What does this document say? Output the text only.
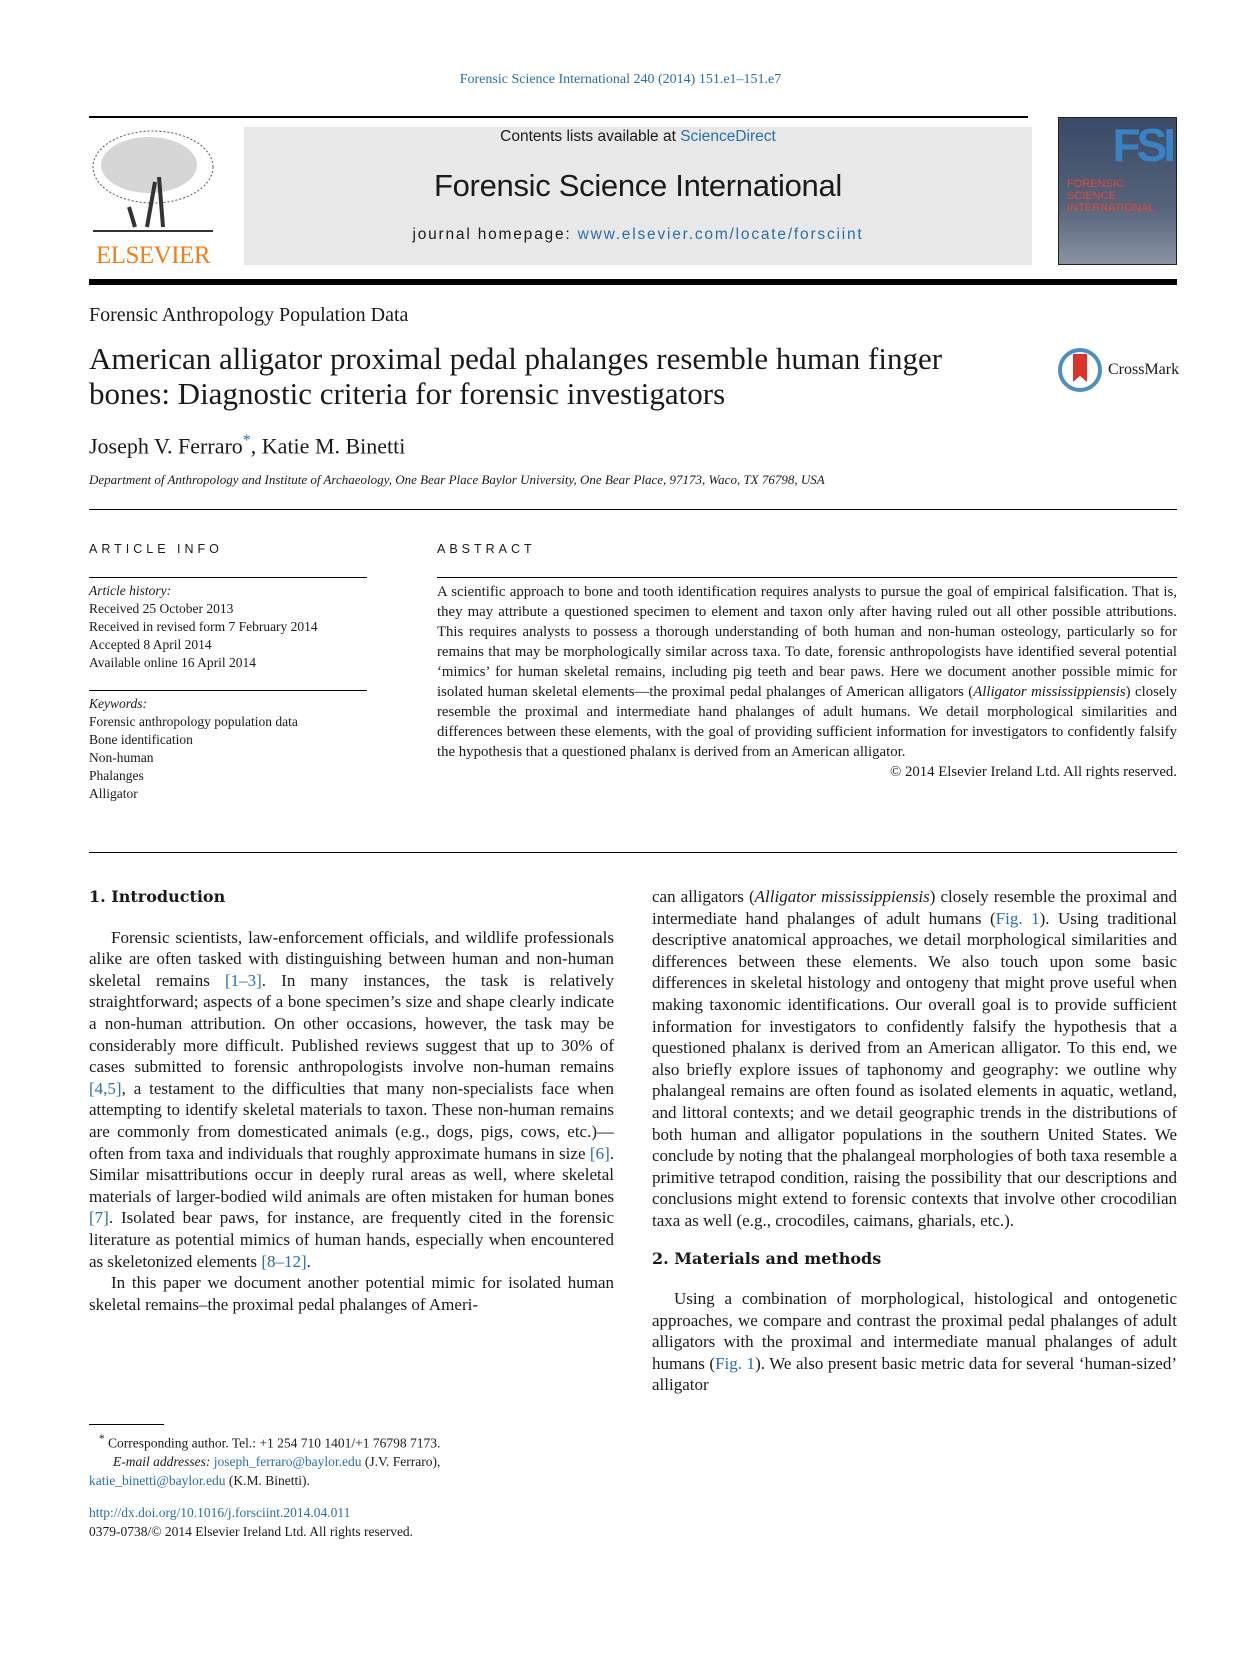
Forensic Science International 240 (2014) 151.e1–151.e7
ELSEVIER
Contents lists available at ScienceDirect
Forensic Science International
journal homepage: www.elsevier.com/locate/forsciint
FSI
FORENSIC SCIENCE INTERNATIONAL
Forensic Anthropology Population Data
American alligator proximal pedal phalanges resemble human finger bones: Diagnostic criteria for forensic investigators
CrossMark
Joseph V. Ferraro*, Katie M. Binetti
Department of Anthropology and Institute of Archaeology, One Bear Place Baylor University, One Bear Place, 97173, Waco, TX 76798, USA
ARTICLE INFO	ABSTRACT
Article history:
Received 25 October 2013
Received in revised form 7 February 2014
Accepted 8 April 2014
Available online 16 April 2014
Keywords:
Forensic anthropology population data
Bone identification
Non-human
Phalanges
Alligator

A scientific approach to bone and tooth identification requires analysts to pursue the goal of empirical falsification. That is, they may attribute a questioned specimen to element and taxon only after having ruled out all other possible attributions. This requires analysts to possess a thorough understanding of both human and non-human osteology, particularly so for remains that may be morphologically similar across taxa. To date, forensic anthropologists have identified several potential ‘mimics’ for human skeletal remains, including pig teeth and bear paws. Here we document another possible mimic for isolated human skeletal elements—the proximal pedal phalanges of American alligators (Alligator mississippiensis) closely resemble the proximal and intermediate hand phalanges of adult humans. We detail morphological similarities and differences between these elements, with the goal of providing sufficient information for investigators to confidently falsify the hypothesis that a questioned phalanx is derived from an American alligator.

© 2014 Elsevier Ireland Ltd. All rights reserved.

1. Introduction

Forensic scientists, law-enforcement officials, and wildlife professionals alike are often tasked with distinguishing between human and non-human skeletal remains [1–3]. In many instances, the task is relatively straightforward; aspects of a bone specimen’s size and shape clearly indicate a non-human attribution. On other occasions, however, the task may be considerably more difficult. Published reviews suggest that up to 30% of cases submitted to forensic anthropologists involve non-human remains [4,5], a testament to the difficulties that many non-specialists face when attempting to identify skeletal materials to taxon. These non-human remains are commonly from domesticated animals (e.g., dogs, pigs, cows, etc.)—often from taxa and individuals that roughly approximate humans in size [6]. Similar misattributions occur in deeply rural areas as well, where skeletal materials of larger-bodied wild animals are often mistaken for human bones [7]. Isolated bear paws, for instance, are frequently cited in the forensic literature as potential mimics of human hands, especially when encountered as skeletonized elements [8–12].

In this paper we document another potential mimic for isolated human skeletal remains–the proximal pedal phalanges of Ameri-

can alligators (Alligator mississippiensis) closely resemble the proximal and intermediate hand phalanges of adult humans (Fig. 1). Using traditional descriptive anatomical approaches, we detail morphological similarities and differences between these elements. We also touch upon some basic differences in skeletal histology and ontogeny that might prove useful when making taxonomic identifications. Our overall goal is to provide sufficient information for investigators to confidently falsify the hypothesis that a questioned phalanx is derived from an American alligator. To this end, we also briefly explore issues of taphonomy and geography: we outline why phalangeal remains are often found as isolated elements in aquatic, wetland, and littoral contexts; and we detail geographic trends in the distributions of both human and alligator populations in the southern United States. We conclude by noting that the phalangeal morphologies of both taxa resemble a primitive tetrapod condition, raising the possibility that our descriptions and conclusions might extend to forensic contexts that involve other crocodilian taxa as well (e.g., crocodiles, caimans, gharials, etc.).

2. Materials and methods

Using a combination of morphological, histological and ontogenetic approaches, we compare and contrast the proximal pedal phalanges of adult alligators with the proximal and intermediate manual phalanges of adult humans (Fig. 1). We also present basic metric data for several ‘human-sized’ alligator

* Corresponding author. Tel.: +1 254 710 1401/+1 76798 7173.
E-mail addresses: joseph_ferraro@baylor.edu (J.V. Ferraro),
katie_binetti@baylor.edu (K.M. Binetti).
http://dx.doi.org/10.1016/j.forsciint.2014.04.011
0379-0738/© 2014 Elsevier Ireland Ltd. All rights reserved.
